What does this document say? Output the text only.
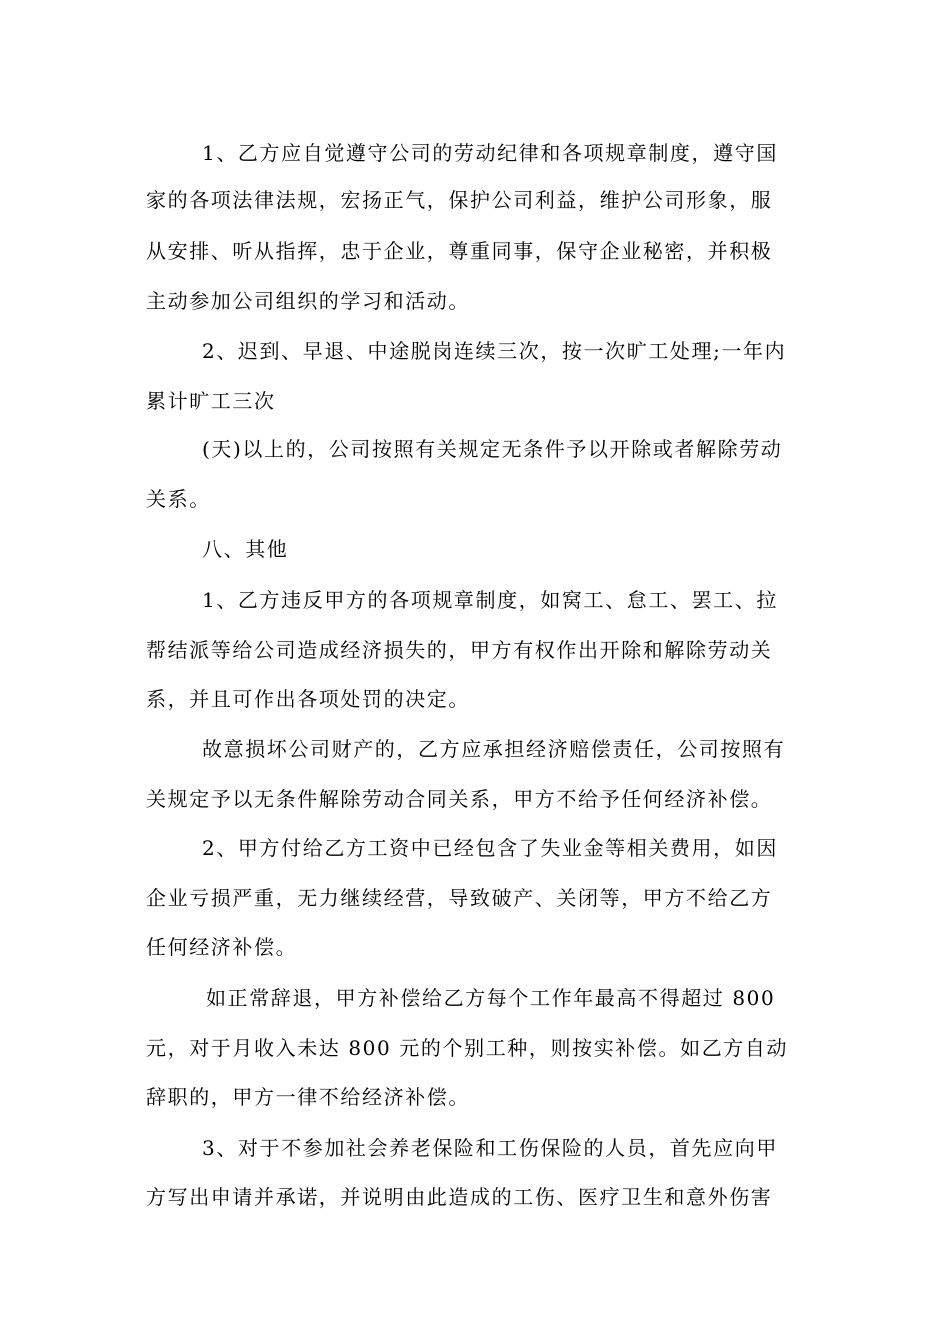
1、乙方应自觉遵守公司的劳动纪律和各项规章制度，遵守国
家的各项法律法规，宏扬正气，保护公司利益，维护公司形象，服
从安排、听从指挥，忠于企业，尊重同事，保守企业秘密，并积极
主动参加公司组织的学习和活动。
2、迟到、早退、中途脱岗连续三次，按一次旷工处理;一年内
累计旷工三次
(天)以上的，公司按照有关规定无条件予以开除或者解除劳动
关系。
八、其他
1、乙方违反甲方的各项规章制度，如窝工、怠工、罢工、拉
帮结派等给公司造成经济损失的，甲方有权作出开除和解除劳动关
系，并且可作出各项处罚的决定。
故意损坏公司财产的，乙方应承担经济赔偿责任，公司按照有
关规定予以无条件解除劳动合同关系，甲方不给予任何经济补偿。
2、甲方付给乙方工资中已经包含了失业金等相关费用，如因
企业亏损严重，无力继续经营，导致破产、关闭等，甲方不给乙方
任何经济补偿。
如正常辞退，甲方补偿给乙方每个工作年最高不得超过 800
元，对于月收入未达 800 元的个别工种，则按实补偿。如乙方自动
辞职的，甲方一律不给经济补偿。
3、对于不参加社会养老保险和工伤保险的人员，首先应向甲
方写出申请并承诺，并说明由此造成的工伤、医疗卫生和意外伤害
